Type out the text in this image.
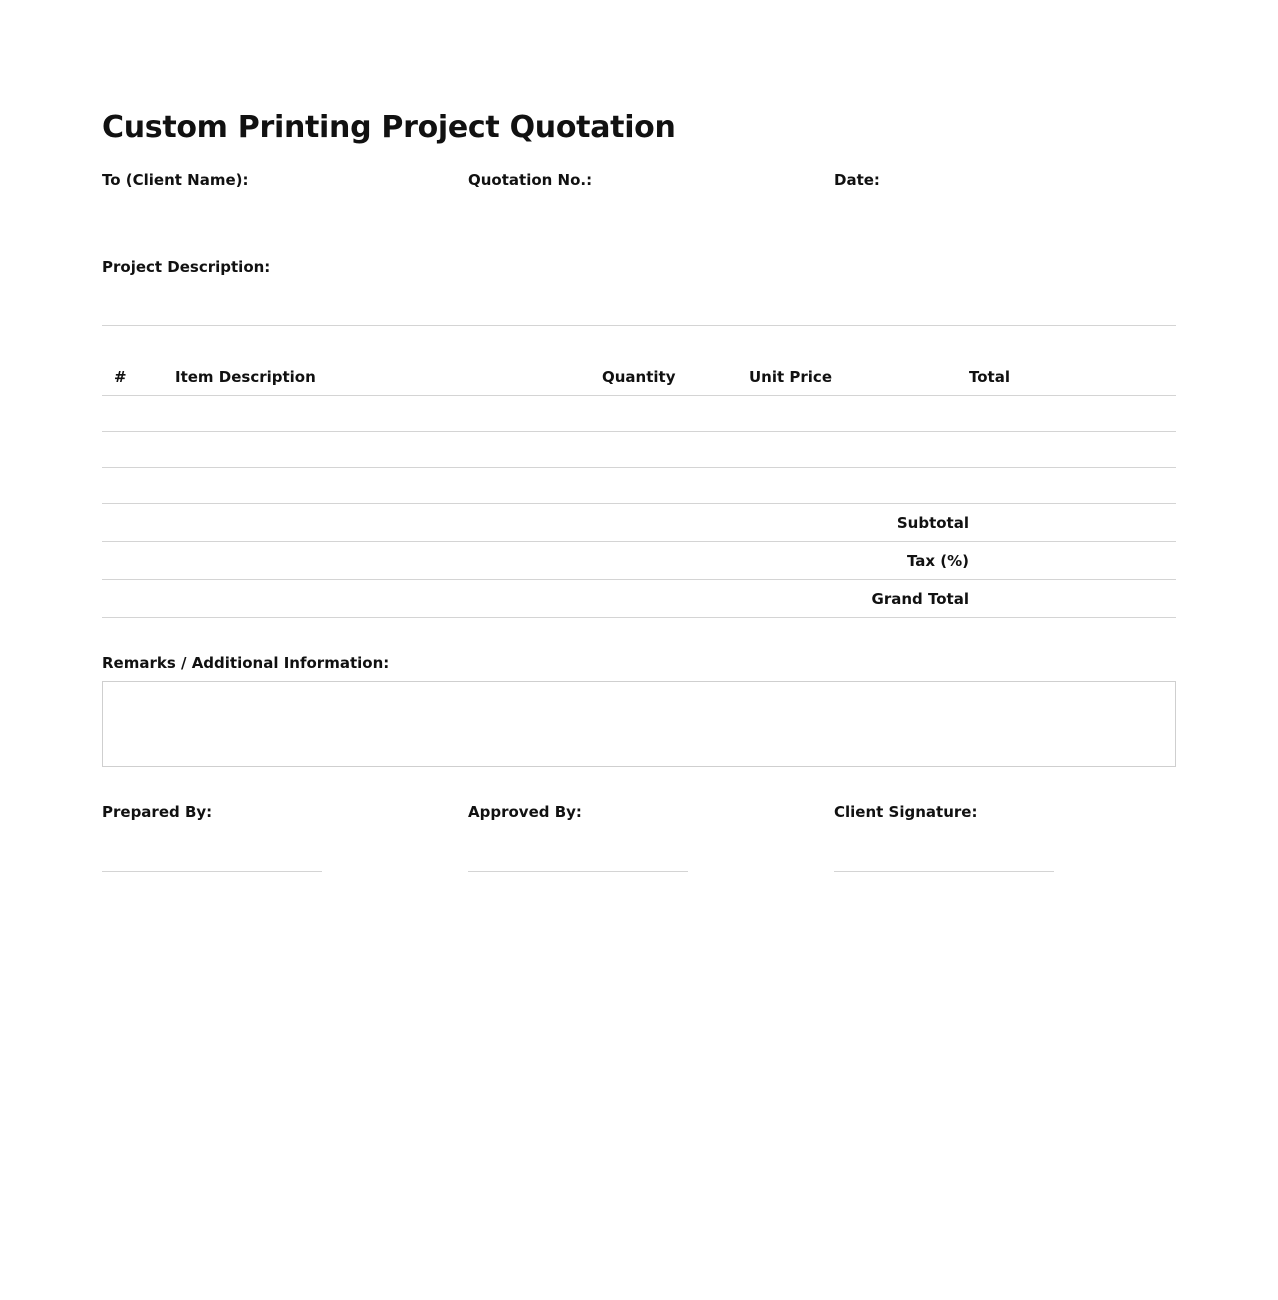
Custom Printing Project Quotation
To (Client Name):	Quotation No.:	Date:
Project Description:
#	Item Description	Quantity	Unit Price	Total

Subtotal				
Tax (%)				
Grand Total				
Remarks / Additional Information:
Prepared By:	Approved By:	Client Signature:
